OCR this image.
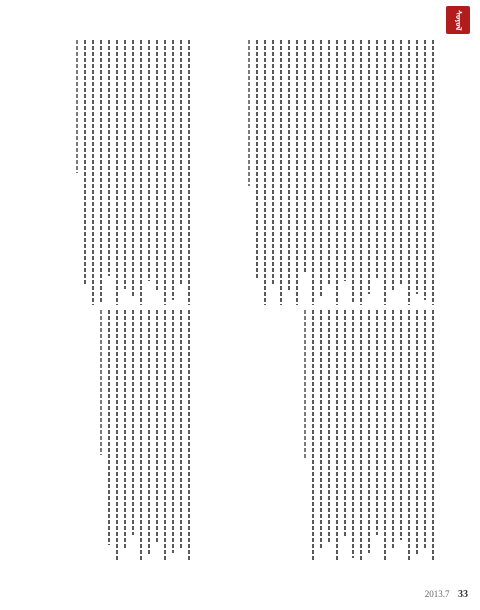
ᠰᠣᠶᠣᠯ
2013.7 33
